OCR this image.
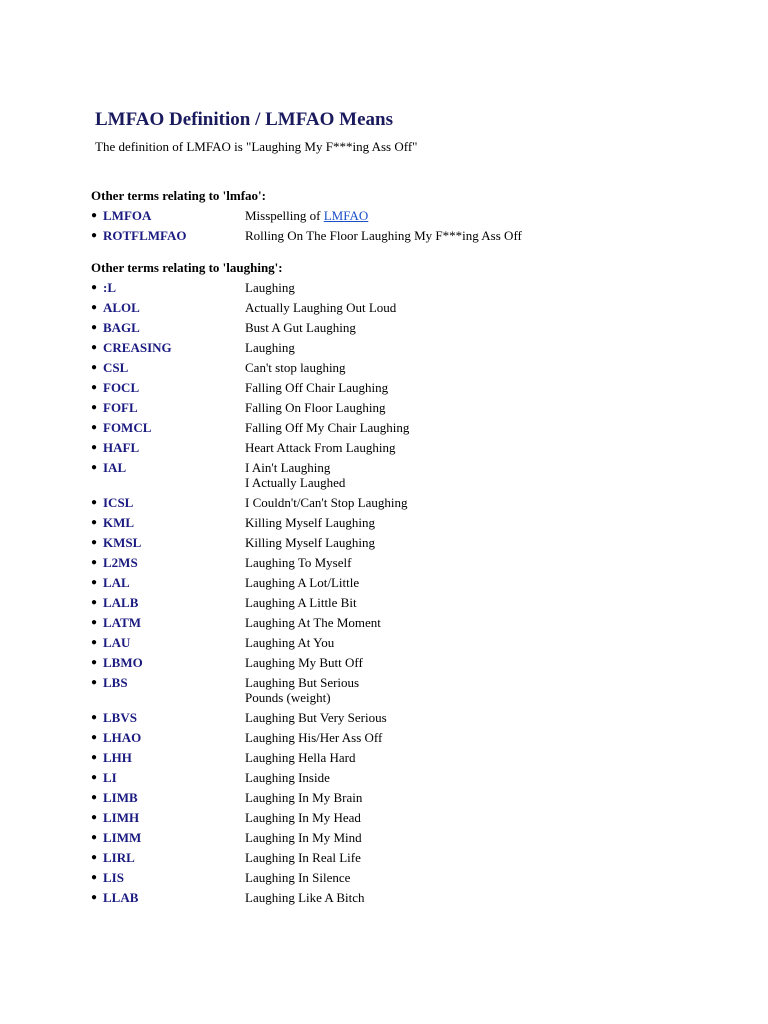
LMFAO Definition / LMFAO Means

The definition of LMFAO is "Laughing My F***ing Ass Off"

Other terms relating to 'lmfao':

● LMFOA	Misspelling of LMFAO
● ROTFLMFAO	Rolling On The Floor Laughing My F***ing Ass Off

Other terms relating to 'laughing':

● :L	Laughing
● ALOL	Actually Laughing Out Loud
● BAGL	Bust A Gut Laughing
● CREASING	Laughing
● CSL	Can't stop laughing
● FOCL	Falling Off Chair Laughing
● FOFL	Falling On Floor Laughing
● FOMCL	Falling Off My Chair Laughing
● HAFL	Heart Attack From Laughing
● IAL	I Ain't Laughing
I Actually Laughed
● ICSL	I Couldn't/Can't Stop Laughing
● KML	Killing Myself Laughing
● KMSL	Killing Myself Laughing
● L2MS	Laughing To Myself
● LAL	Laughing A Lot/Little
● LALB	Laughing A Little Bit
● LATM	Laughing At The Moment
● LAU	Laughing At You
● LBMO	Laughing My Butt Off
● LBS	Laughing But Serious
Pounds (weight)
● LBVS	Laughing But Very Serious
● LHAO	Laughing His/Her Ass Off
● LHH	Laughing Hella Hard
● LI	Laughing Inside
● LIMB	Laughing In My Brain
● LIMH	Laughing In My Head
● LIMM	Laughing In My Mind
● LIRL	Laughing In Real Life
● LIS	Laughing In Silence
● LLAB	Laughing Like A Bitch
